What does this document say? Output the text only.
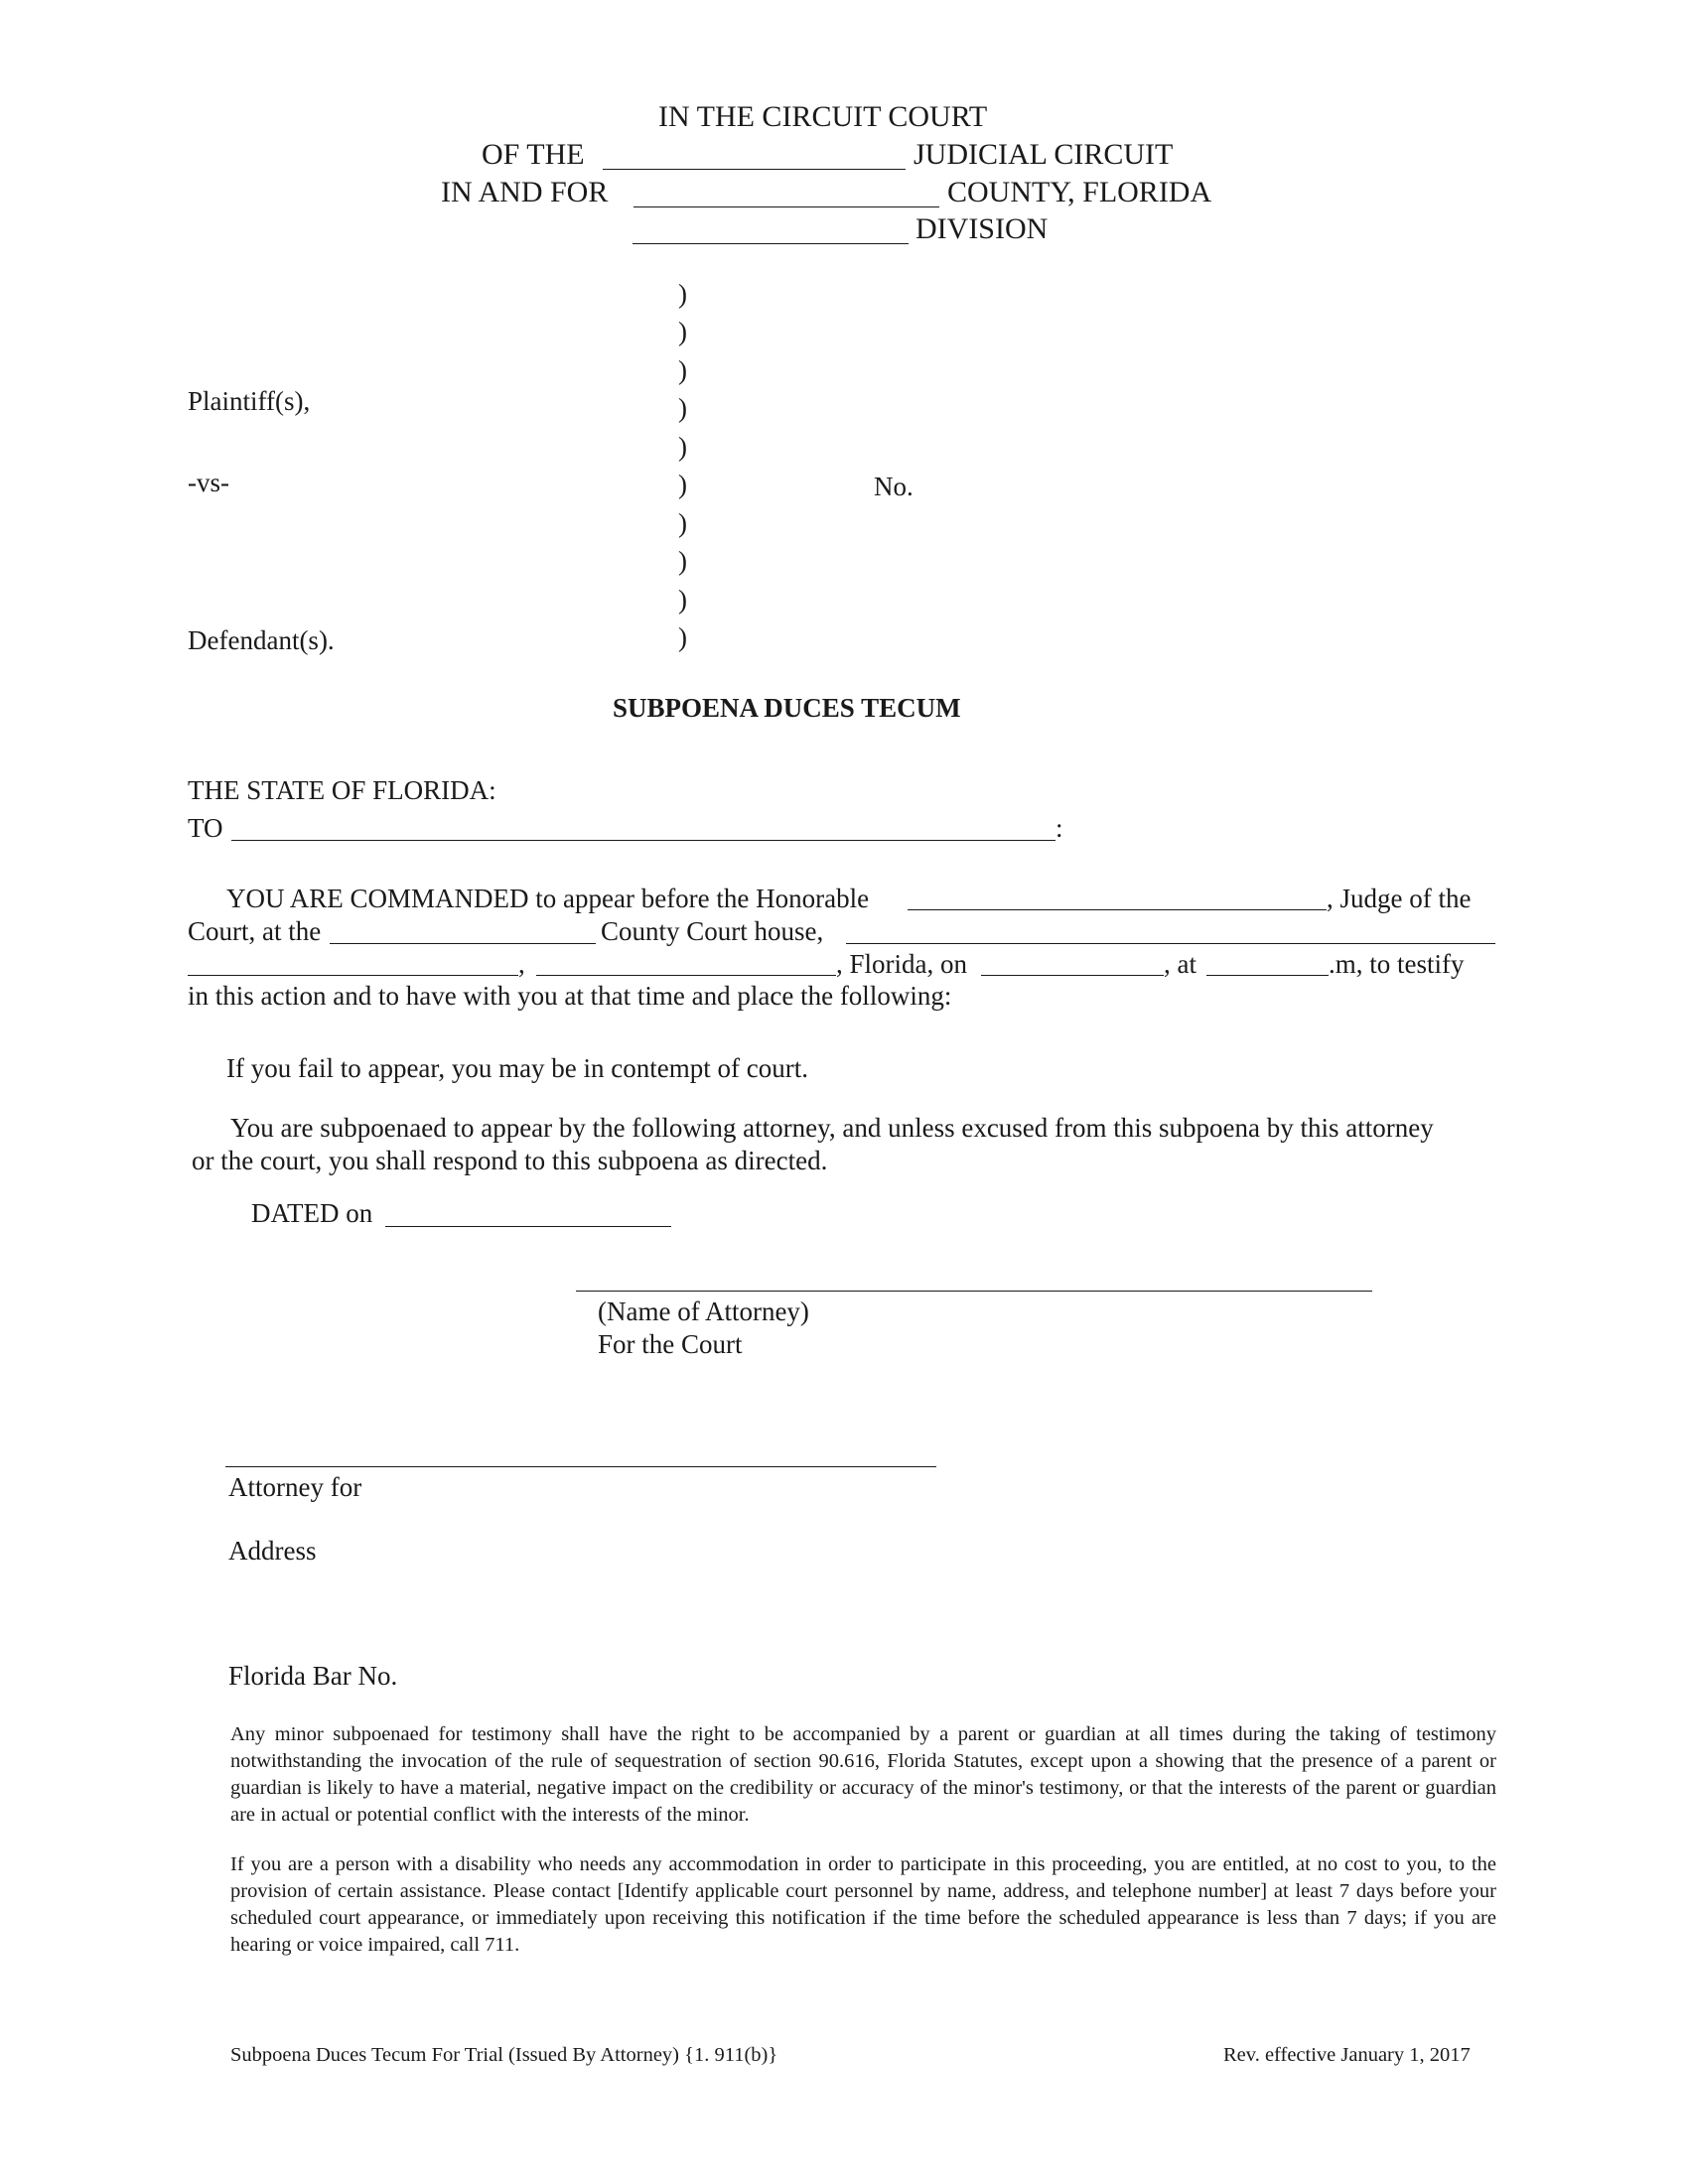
IN THE CIRCUIT COURT
OF THE	JUDICIAL CIRCUIT
IN AND FOR	COUNTY, FLORIDA
DIVISION
)
)
)
)
)
)
)
)
)
)
Plaintiff(s),
-vs-	No.
Defendant(s).
SUBPOENA DUCES TECUM
THE STATE OF FLORIDA:
TO	:
YOU ARE COMMANDED to appear before the Honorable	, Judge of the
Court, at the	County Court house,
,	, Florida, on	, at	.m, to testify
in this action and to have with you at that time and place the following:
If you fail to appear, you may be in contempt of court.
You are subpoenaed to appear by the following attorney, and unless excused from this subpoena by this attorney
or the court, you shall respond to this subpoena as directed.
DATED on
(Name of Attorney)
For the Court
Attorney for
Address
Florida Bar No.
Any minor subpoenaed for testimony shall have the right to be accompanied by a parent or guardian at all times during the taking of testimony notwithstanding the invocation of the rule of sequestration of section 90.616, Florida Statutes, except upon a showing that the presence of a parent or guardian is likely to have a material, negative impact on the credibility or accuracy of the minor's testimony, or that the interests of the parent or guardian are in actual or potential conflict with the interests of the minor.
If you are a person with a disability who needs any accommodation in order to participate in this proceeding, you are entitled, at no cost to you, to the provision of certain assistance. Please contact [Identify applicable court personnel by name, address, and telephone number] at least 7 days before your scheduled court appearance, or immediately upon receiving this notification if the time before the scheduled appearance is less than 7 days; if you are hearing or voice impaired, call 711.
Subpoena Duces Tecum For Trial (Issued By Attorney) {1. 911(b)}	Rev. effective January 1, 2017
